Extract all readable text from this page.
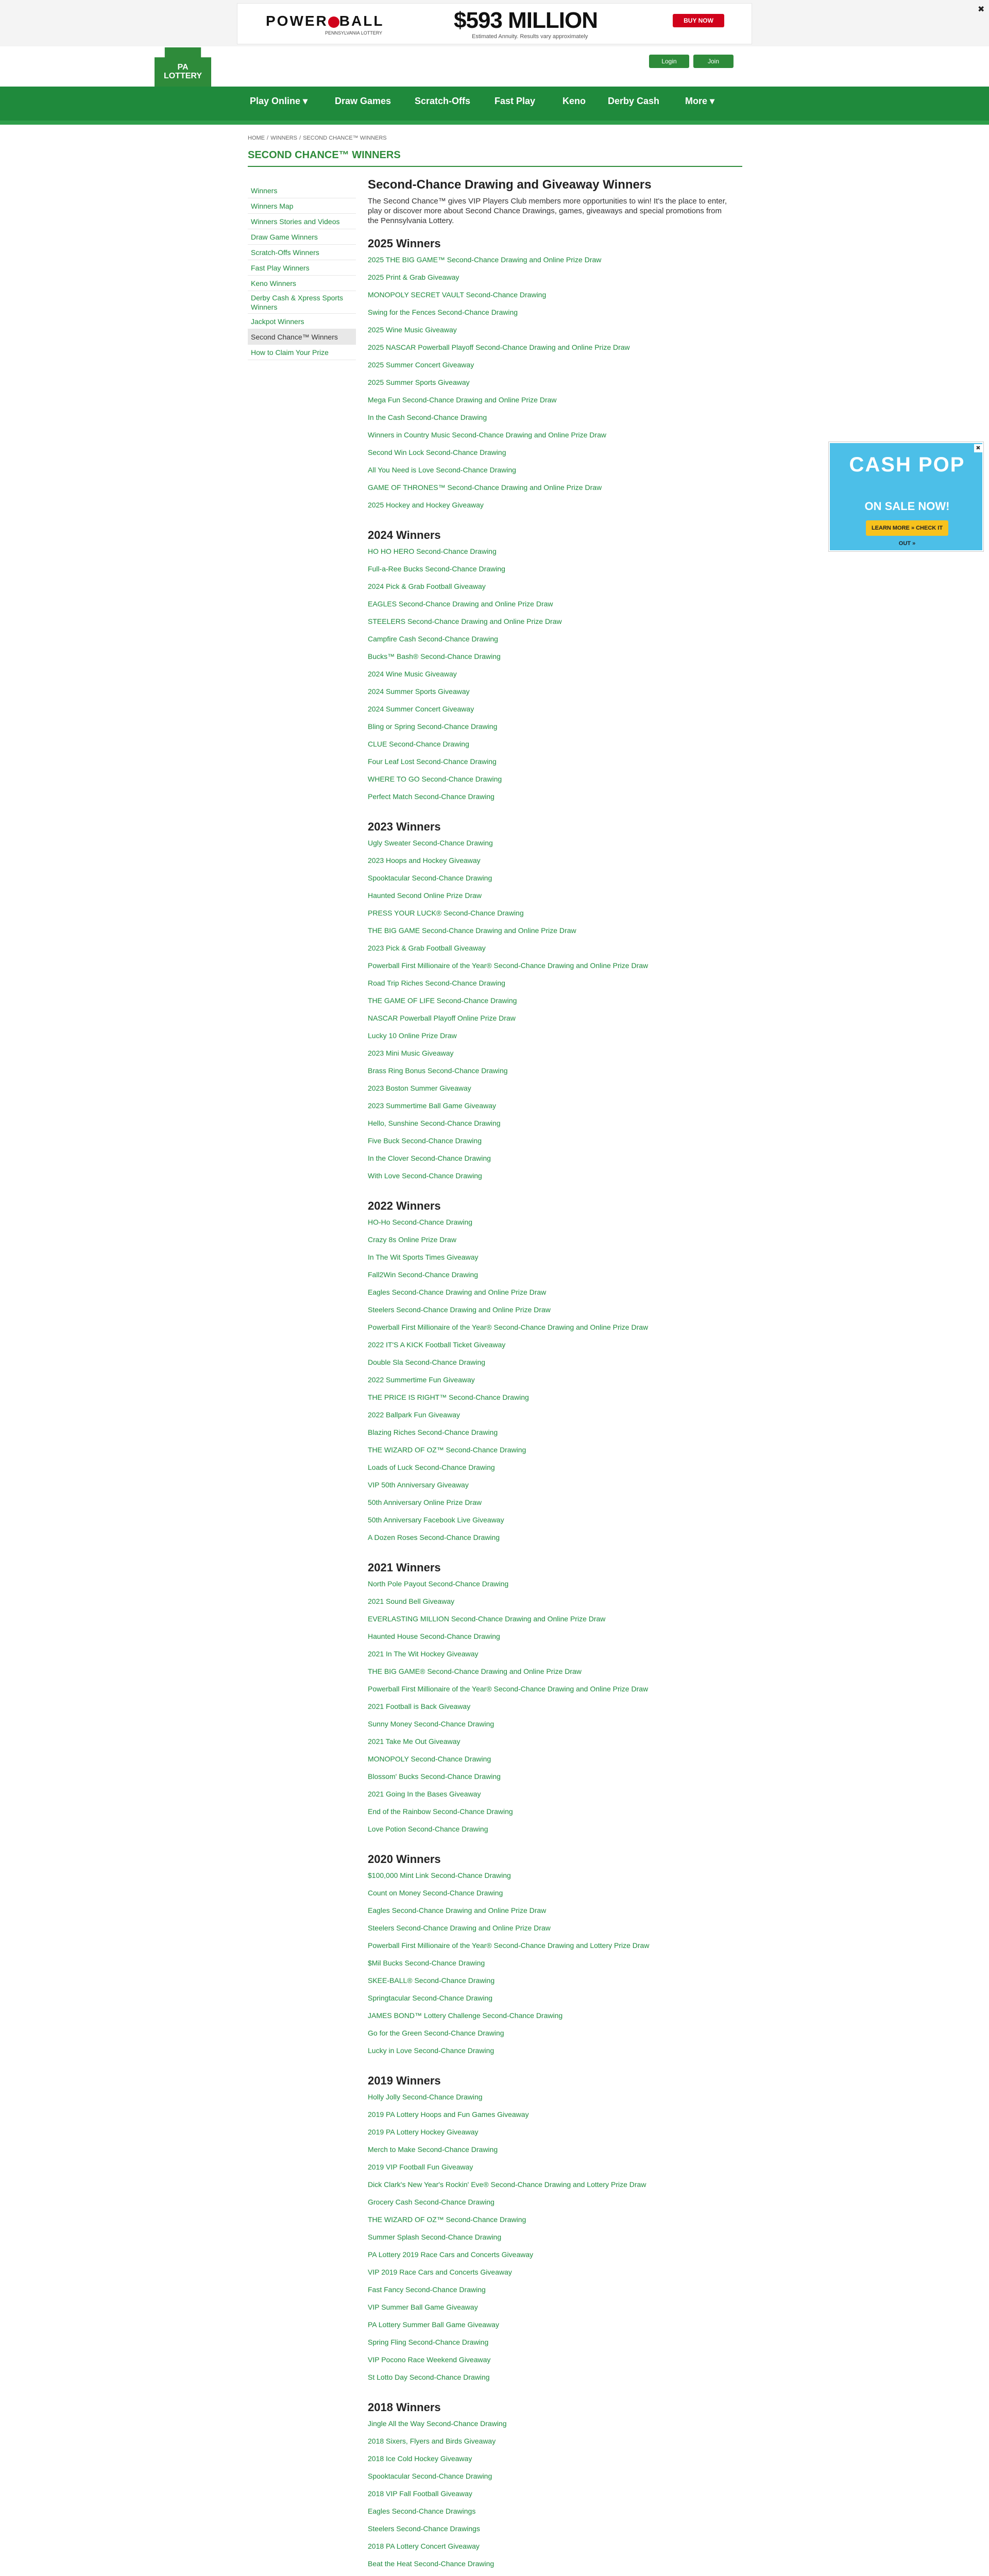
POWER BALL
PENNSYLVANIA LOTTERY	$593 MILLION
Estimated Annuity. Results vary approximately
BUY NOW
✖
PA
LOTTERY
Login	Join
Play Online ▾	Draw Games	Scratch-Offs	Fast Play	Keno Derby Cash	More ▾
HOME / WINNERS / SECOND CHANCE™ WINNERS
SECOND CHANCE™ WINNERS
Winners
Winners Map
Winners Stories and Videos
Draw Game Winners
Scratch-Offs Winners
Fast Play Winners
Keno Winners
Derby Cash & Xpress Sports Winners
Jackpot Winners
Second Chance™ Winners
How to Claim Your Prize
Second-Chance Drawing and Giveaway Winners
The Second Chance™ gives VIP Players Club members more opportunities to win! It's the place to enter, play or discover more about Second Chance Drawings, games, giveaways and special promotions from the Pennsylvania Lottery.
2025 Winners
2025 THE BIG GAME™ Second-Chance Drawing and Online Prize Draw
2025 Print & Grab Giveaway
MONOPOLY SECRET VAULT Second-Chance Drawing
Swing for the Fences Second-Chance Drawing
2025 Wine Music Giveaway
2025 NASCAR Powerball Playoff Second-Chance Drawing and Online Prize Draw
2025 Summer Concert Giveaway
2025 Summer Sports Giveaway
Mega Fun Second-Chance Drawing and Online Prize Draw
In the Cash Second-Chance Drawing
Winners in Country Music Second-Chance Drawing and Online Prize Draw
Second Win Lock Second-Chance Drawing
All You Need is Love Second-Chance Drawing
GAME OF THRONES™ Second-Chance Drawing and Online Prize Draw
2025 Hockey and Hockey Giveaway
2024 Winners
HO HO HERO Second-Chance Drawing
Full-a-Ree Bucks Second-Chance Drawing
2024 Pick & Grab Football Giveaway
EAGLES Second-Chance Drawing and Online Prize Draw
STEELERS Second-Chance Drawing and Online Prize Draw
Campfire Cash Second-Chance Drawing
Bucks™ Bash® Second-Chance Drawing
2024 Wine Music Giveaway
2024 Summer Sports Giveaway
2024 Summer Concert Giveaway
Bling or Spring Second-Chance Drawing
CLUE Second-Chance Drawing
Four Leaf Lost Second-Chance Drawing
WHERE TO GO Second-Chance Drawing
Perfect Match Second-Chance Drawing
2023 Winners
Ugly Sweater Second-Chance Drawing
2023 Hoops and Hockey Giveaway
Spooktacular Second-Chance Drawing
Haunted Second Online Prize Draw
PRESS YOUR LUCK® Second-Chance Drawing
THE BIG GAME Second-Chance Drawing and Online Prize Draw
2023 Pick & Grab Football Giveaway
Powerball First Millionaire of the Year® Second-Chance Drawing and Online Prize Draw
Road Trip Riches Second-Chance Drawing
THE GAME OF LIFE Second-Chance Drawing
NASCAR Powerball Playoff Online Prize Draw
Lucky 10 Online Prize Draw
2023 Mini Music Giveaway
Brass Ring Bonus Second-Chance Drawing
2023 Boston Summer Giveaway
2023 Summertime Ball Game Giveaway
Hello, Sunshine Second-Chance Drawing
Five Buck Second-Chance Drawing
In the Clover Second-Chance Drawing
With Love Second-Chance Drawing
2022 Winners
HO-Ho Second-Chance Drawing
Crazy 8s Online Prize Draw
In The Wit Sports Times Giveaway
Fall2Win Second-Chance Drawing
Eagles Second-Chance Drawing and Online Prize Draw
Steelers Second-Chance Drawing and Online Prize Draw
Powerball First Millionaire of the Year® Second-Chance Drawing and Online Prize Draw
2022 IT'S A KICK Football Ticket Giveaway
Double Sla Second-Chance Drawing
2022 Summertime Fun Giveaway
THE PRICE IS RIGHT™ Second-Chance Drawing
2022 Ballpark Fun Giveaway
Blazing Riches Second-Chance Drawing
THE WIZARD OF OZ™ Second-Chance Drawing
Loads of Luck Second-Chance Drawing
VIP 50th Anniversary Giveaway
50th Anniversary Online Prize Draw
50th Anniversary Facebook Live Giveaway
A Dozen Roses Second-Chance Drawing
2021 Winners
North Pole Payout Second-Chance Drawing
2021 Sound Bell Giveaway
EVERLASTING MILLION Second-Chance Drawing and Online Prize Draw
Haunted House Second-Chance Drawing
2021 In The Wit Hockey Giveaway
THE BIG GAME® Second-Chance Drawing and Online Prize Draw
Powerball First Millionaire of the Year® Second-Chance Drawing and Online Prize Draw
2021 Football is Back Giveaway
Sunny Money Second-Chance Drawing
2021 Take Me Out Giveaway
MONOPOLY Second-Chance Drawing
Blossom' Bucks Second-Chance Drawing
2021 Going In the Bases Giveaway
End of the Rainbow Second-Chance Drawing
Love Potion Second-Chance Drawing
2020 Winners
$100,000 Mint Link Second-Chance Drawing
Count on Money Second-Chance Drawing
Eagles Second-Chance Drawing and Online Prize Draw
Steelers Second-Chance Drawing and Online Prize Draw
Powerball First Millionaire of the Year® Second-Chance Drawing and Lottery Prize Draw
$Mil Bucks Second-Chance Drawing
SKEE-BALL® Second-Chance Drawing
Springtacular Second-Chance Drawing
JAMES BOND™ Lottery Challenge Second-Chance Drawing
Go for the Green Second-Chance Drawing
Lucky in Love Second-Chance Drawing
2019 Winners
Holly Jolly Second-Chance Drawing
2019 PA Lottery Hoops and Fun Games Giveaway
2019 PA Lottery Hockey Giveaway
Merch to Make Second-Chance Drawing
2019 VIP Football Fun Giveaway
Dick Clark's New Year's Rockin' Eve® Second-Chance Drawing and Lottery Prize Draw
Grocery Cash Second-Chance Drawing
THE WIZARD OF OZ™ Second-Chance Drawing
Summer Splash Second-Chance Drawing
PA Lottery 2019 Race Cars and Concerts Giveaway
VIP 2019 Race Cars and Concerts Giveaway
Fast Fancy Second-Chance Drawing
VIP Summer Ball Game Giveaway
PA Lottery Summer Ball Game Giveaway
Spring Fling Second-Chance Drawing
VIP Pocono Race Weekend Giveaway
St Lotto Day Second-Chance Drawing
2018 Winners
Jingle All the Way Second-Chance Drawing
2018 Sixers, Flyers and Birds Giveaway
2018 Ice Cold Hockey Giveaway
Spooktacular Second-Chance Drawing
2018 VIP Fall Football Giveaway
Eagles Second-Chance Drawings
Steelers Second-Chance Drawings
2018 PA Lottery Concert Giveaway
Beat the Heat Second-Chance Drawing
CASH POP
ON SALE NOW!
LEARN MORE » CHECK IT OUT »
✖
